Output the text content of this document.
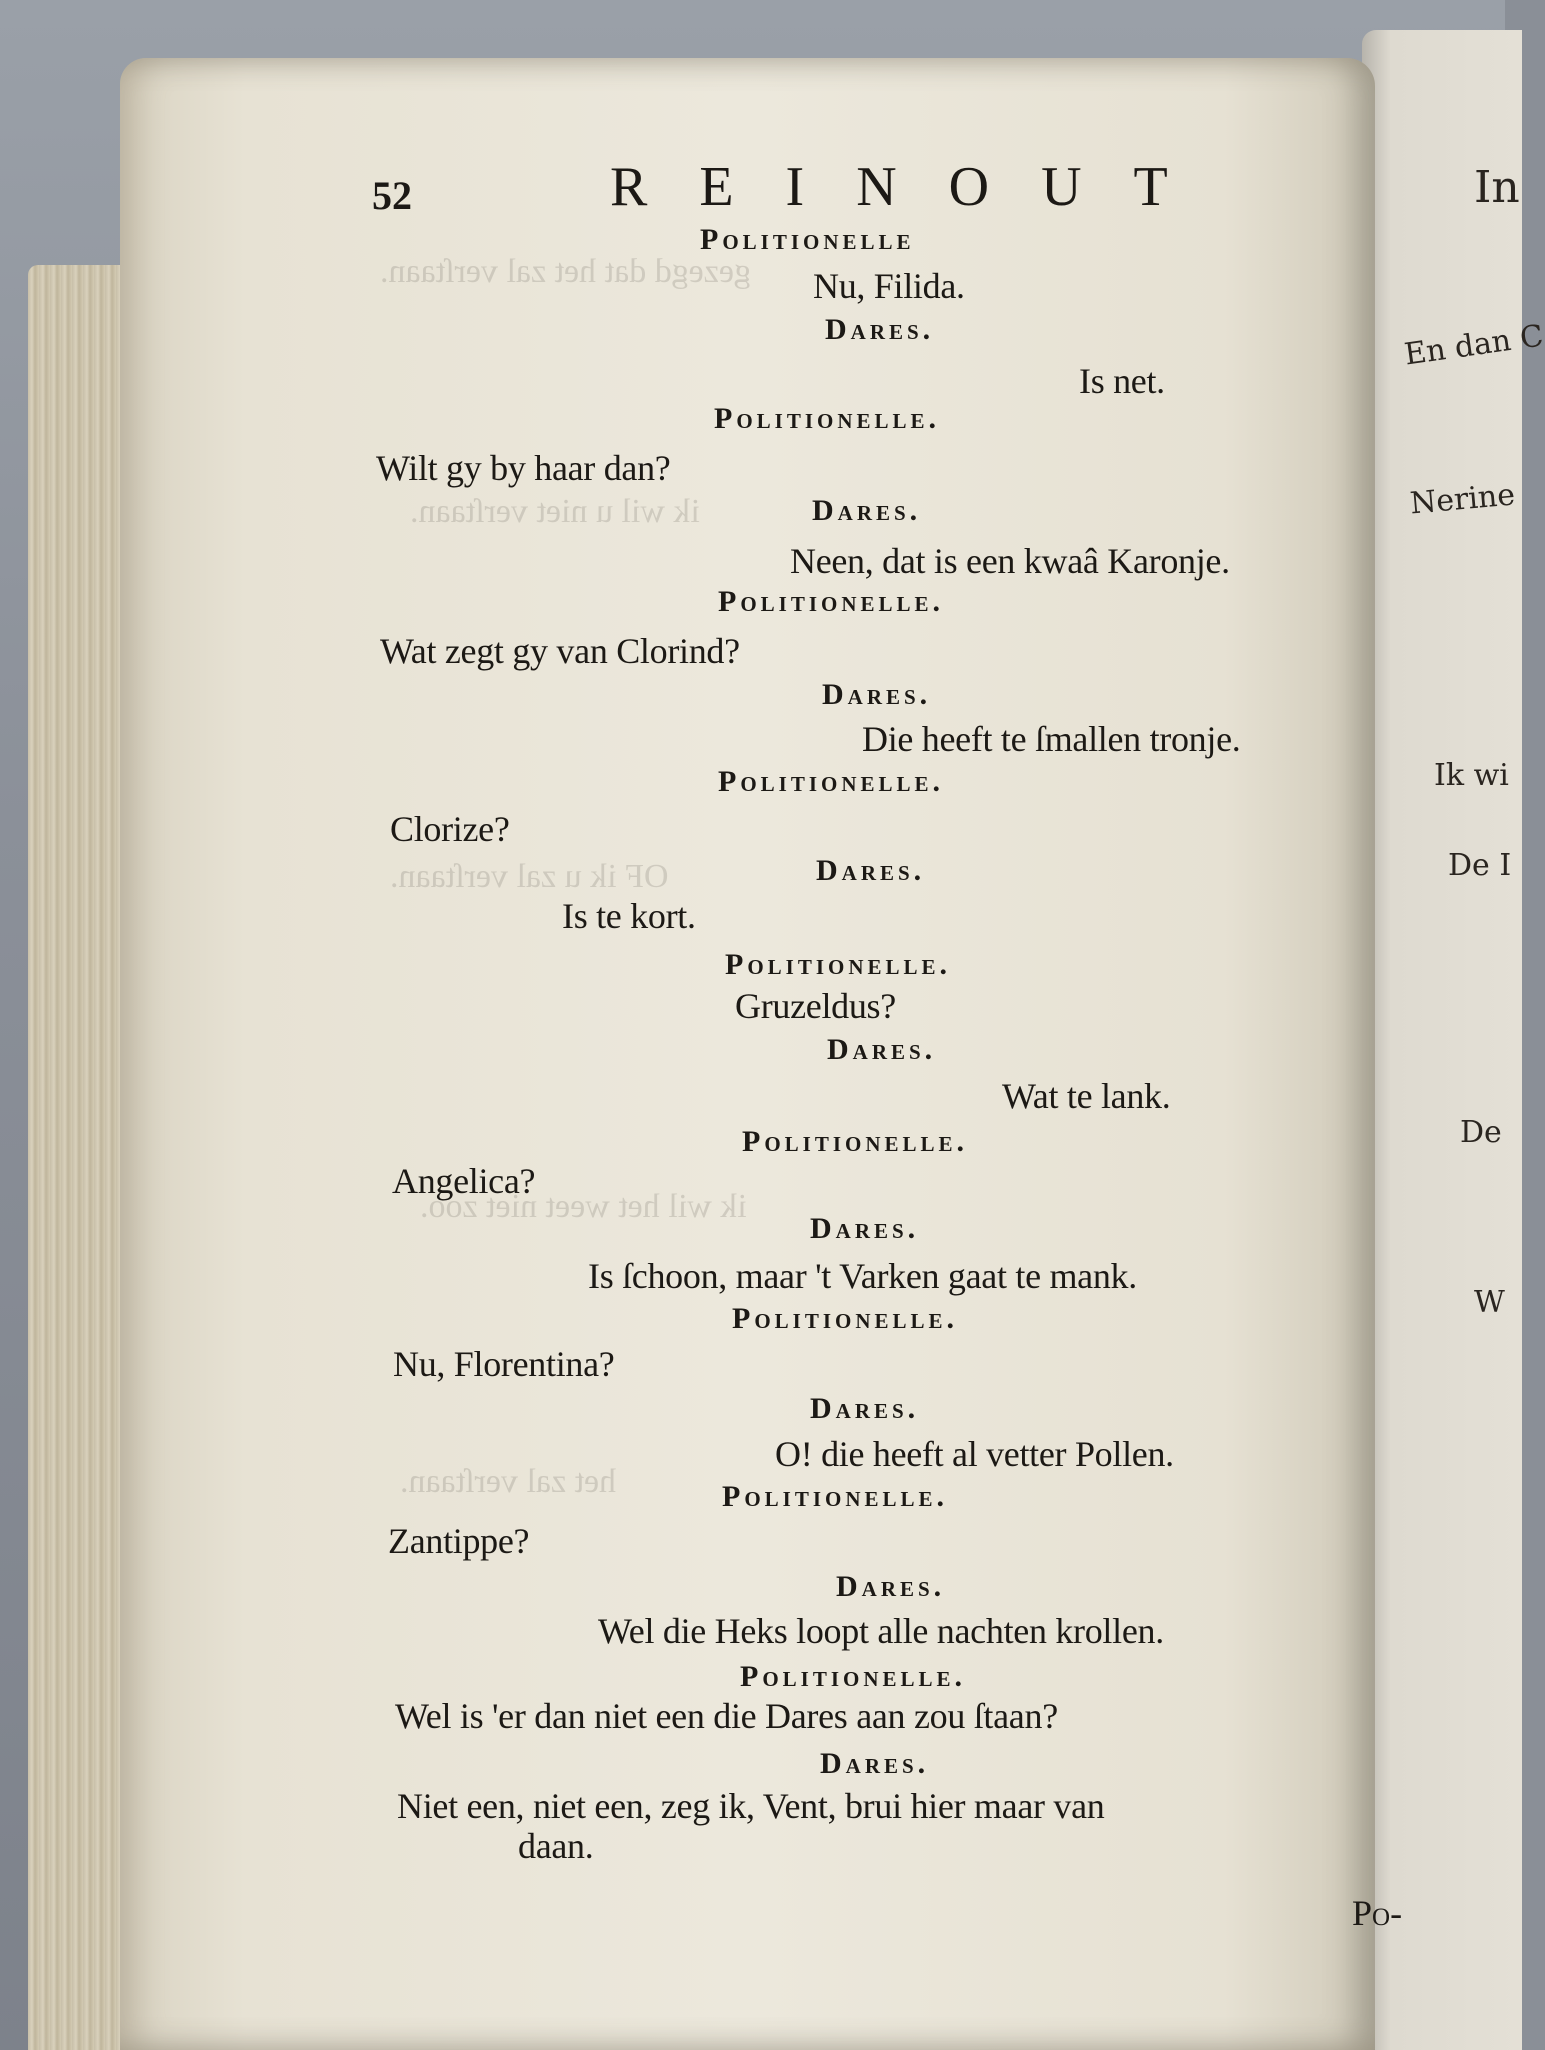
In
En dan C
Nerine
Ik wi
De I
De
W
gezegd dat het zal verſtaan.
ik wil u niet verſtaan.
OF ik u zal verſtaan.
ik wil het weet niet zoo.
het zal verſtaan.
52	REINOUT
Politionelle
Nu, Filida.
Dares.
Is net.
Politionelle.
Wilt gy by haar dan?
Dares.
Neen, dat is een kwaâ Karonje.
Politionelle.
Wat zegt gy van Clorind?
Dares.
Die heeft te ſmallen tronje.
Politionelle.
Clorize?
Dares.
Is te kort.
Politionelle.
Gruzeldus?
Dares.
Wat te lank.
Politionelle.
Angelica?
Dares.
Is ſchoon, maar 't Varken gaat te mank.
Politionelle.
Nu, Florentina?
Dares.
O! die heeft al vetter Pollen.
Politionelle.
Zantippe?
Dares.
Wel die Heks loopt alle nachten krollen.
Politionelle.
Wel is 'er dan niet een die Dares aan zou ſtaan?
Dares.
Niet een, niet een, zeg ik, Vent, brui hier maar van
daan.
Po-
